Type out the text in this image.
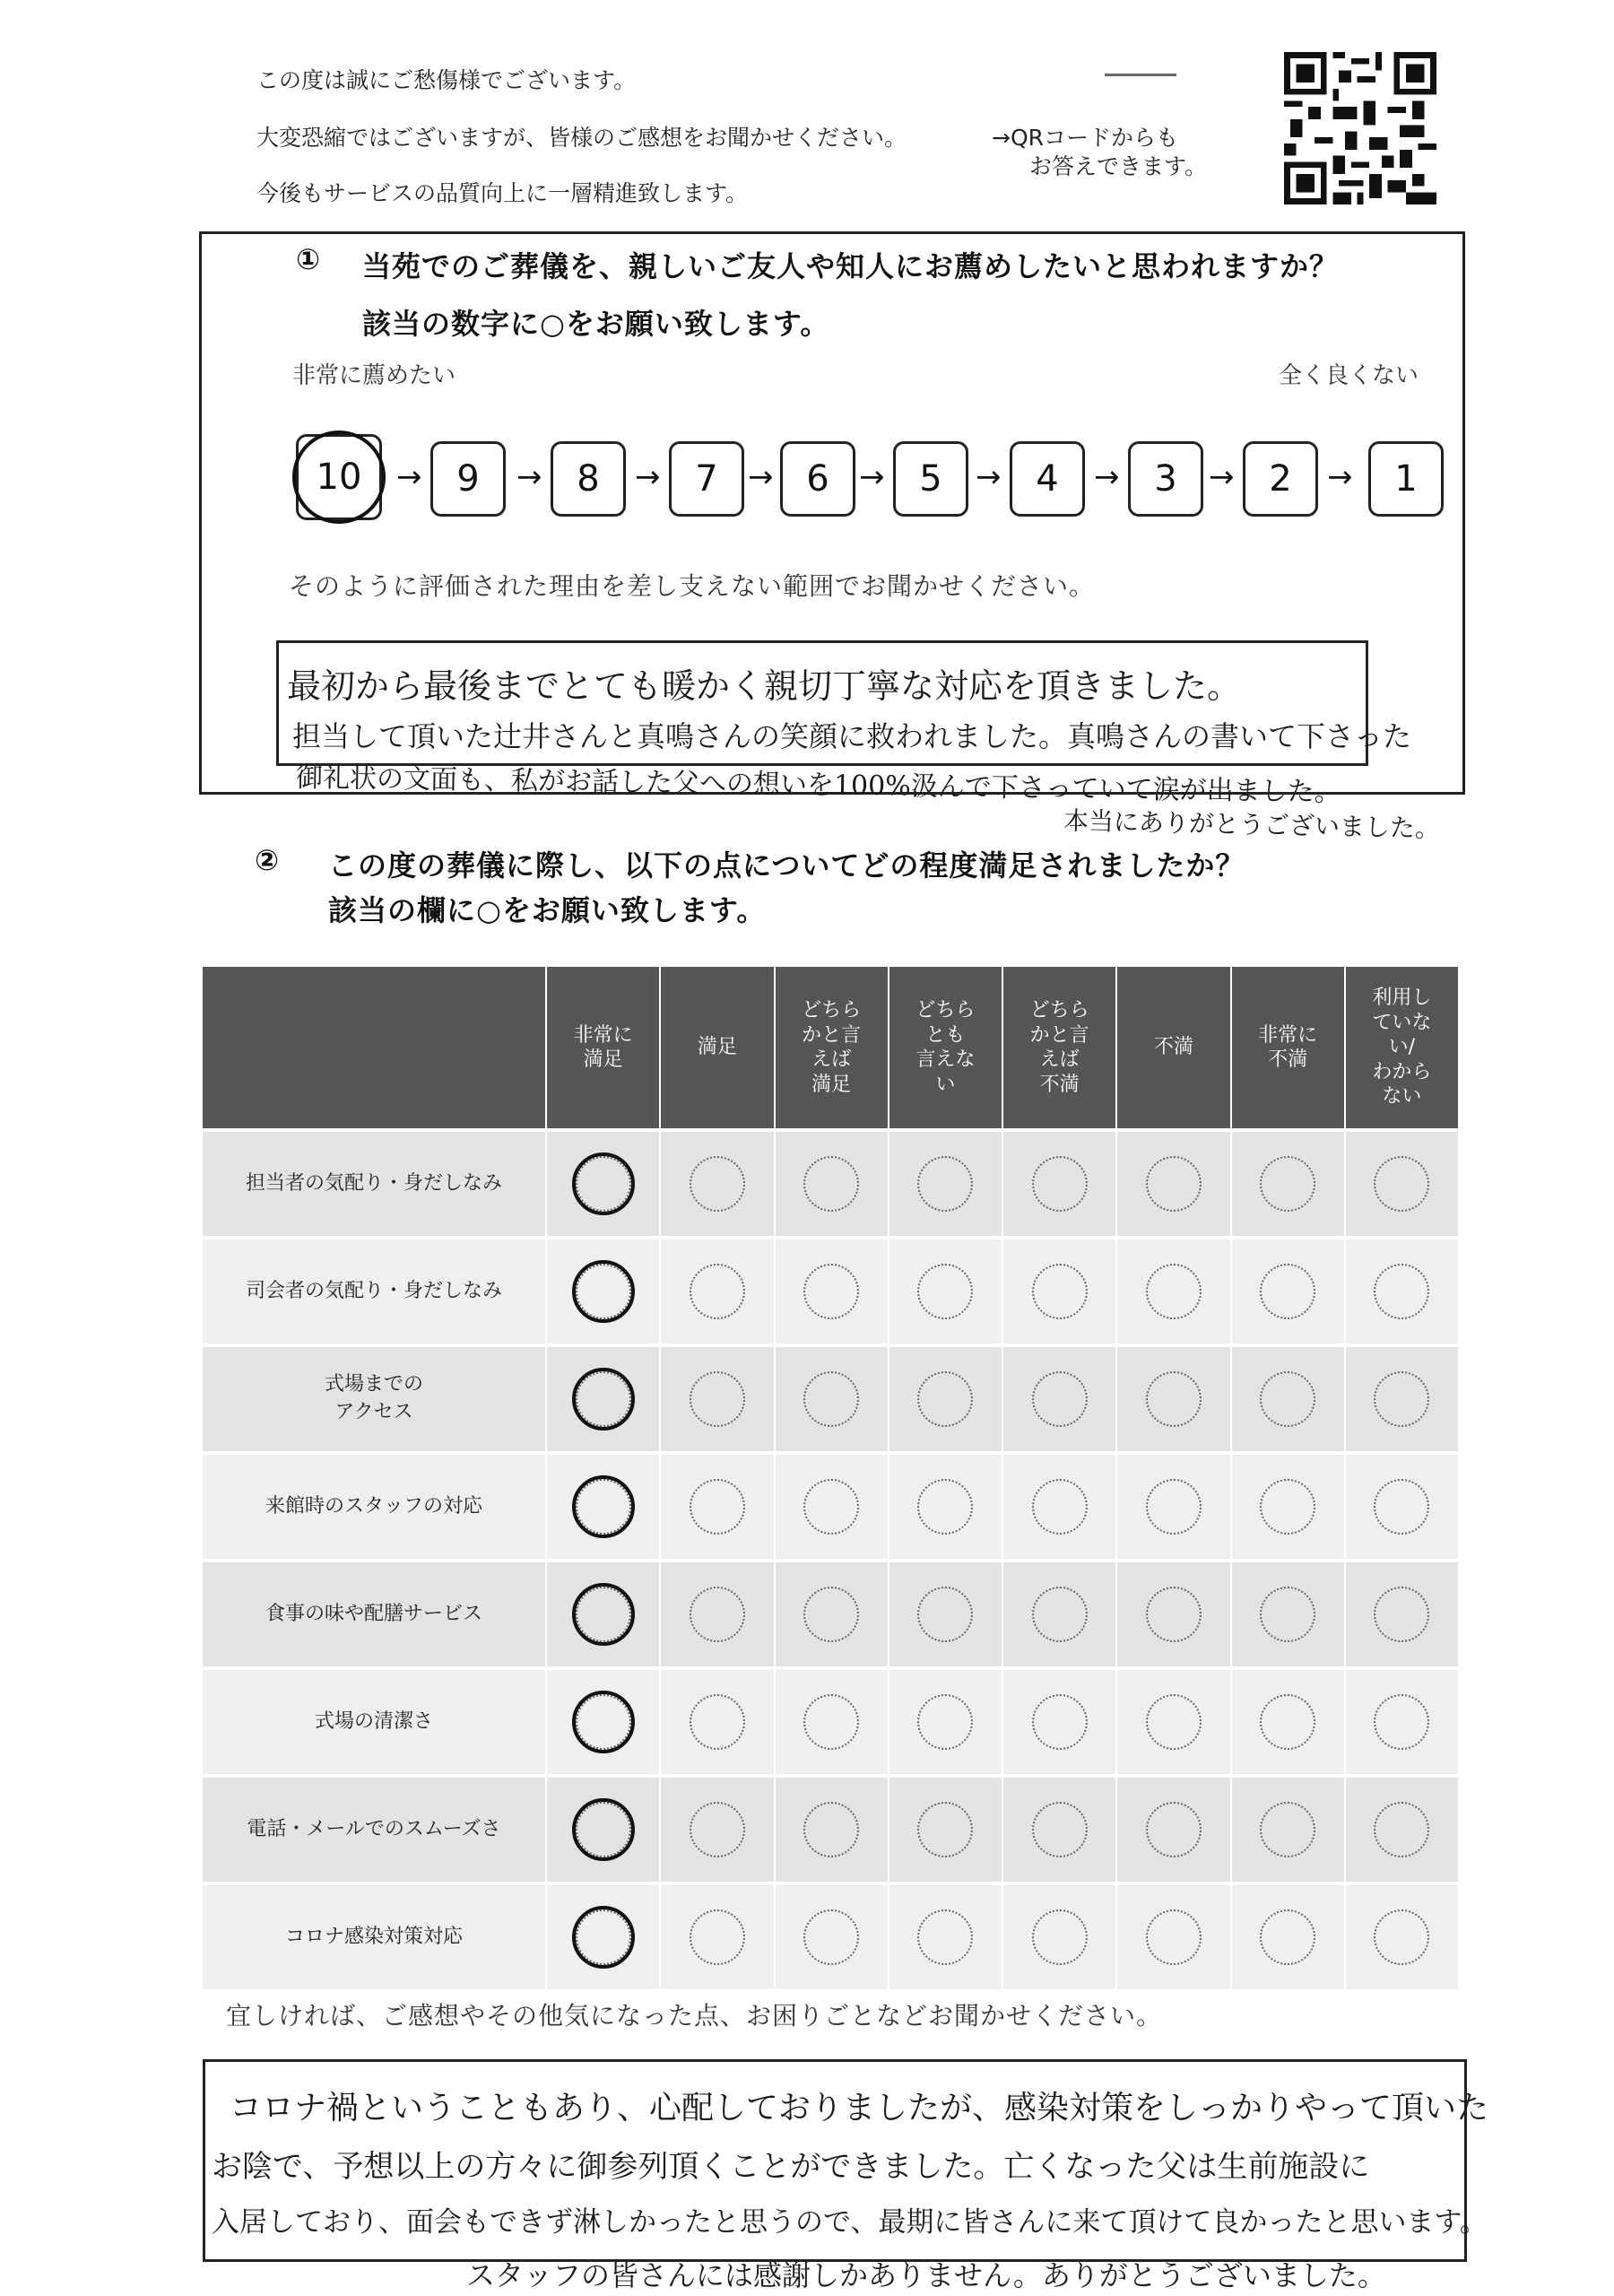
この度は誠にご愁傷様でございます。
大変恐縮ではございますが、皆様のご感想をお聞かせください。
今後もサービスの品質向上に一層精進致します。
→QRコードからも
お答えできます。
① 当苑でのご葬儀を、親しいご友人や知人にお薦めしたいと思われますか？
該当の数字に○をお願い致します。
非常に薦めたい	全く良くない
10 → 9 → 8 → 7 → 6 → 5 → 4 → 3 → 2 → 1
そのように評価された理由を差し支えない範囲でお聞かせください。
最初から最後までとても暖かく親切丁寧な対応を頂きました。
担当して頂いた辻井さんと真鳴さんの笑顔に救われました。真鳴さんの書いて下さった
御礼状の文面も、私がお話した父への想いを100%汲んで下さっていて涙が出ました。
本当にありがとうございました。
② この度の葬儀に際し、以下の点についてどの程度満足されましたか？
該当の欄に○をお願い致します。
非常に
満足
満足
どちら
かと言
えば
満足
どちら
とも
言えな
い
どちら
かと言
えば
不満
不満
非常に
不満
利用し
ていな
い/
わから
ない
担当者の気配り・身だしなみ
司会者の気配り・身だしなみ
式場までの
アクセス
来館時のスタッフの対応
食事の味や配膳サービス
式場の清潔さ
電話・メールでのスムーズさ
コロナ感染対策対応
宜しければ、ご感想やその他気になった点、お困りごとなどお聞かせください。
コロナ禍ということもあり、心配しておりましたが、感染対策をしっかりやって頂いた
お陰で、予想以上の方々に御参列頂くことができました。亡くなった父は生前施設に
入居しており、面会もできず淋しかったと思うので、最期に皆さんに来て頂けて良かったと思います。
スタッフの皆さんには感謝しかありません。ありがとうございました。
